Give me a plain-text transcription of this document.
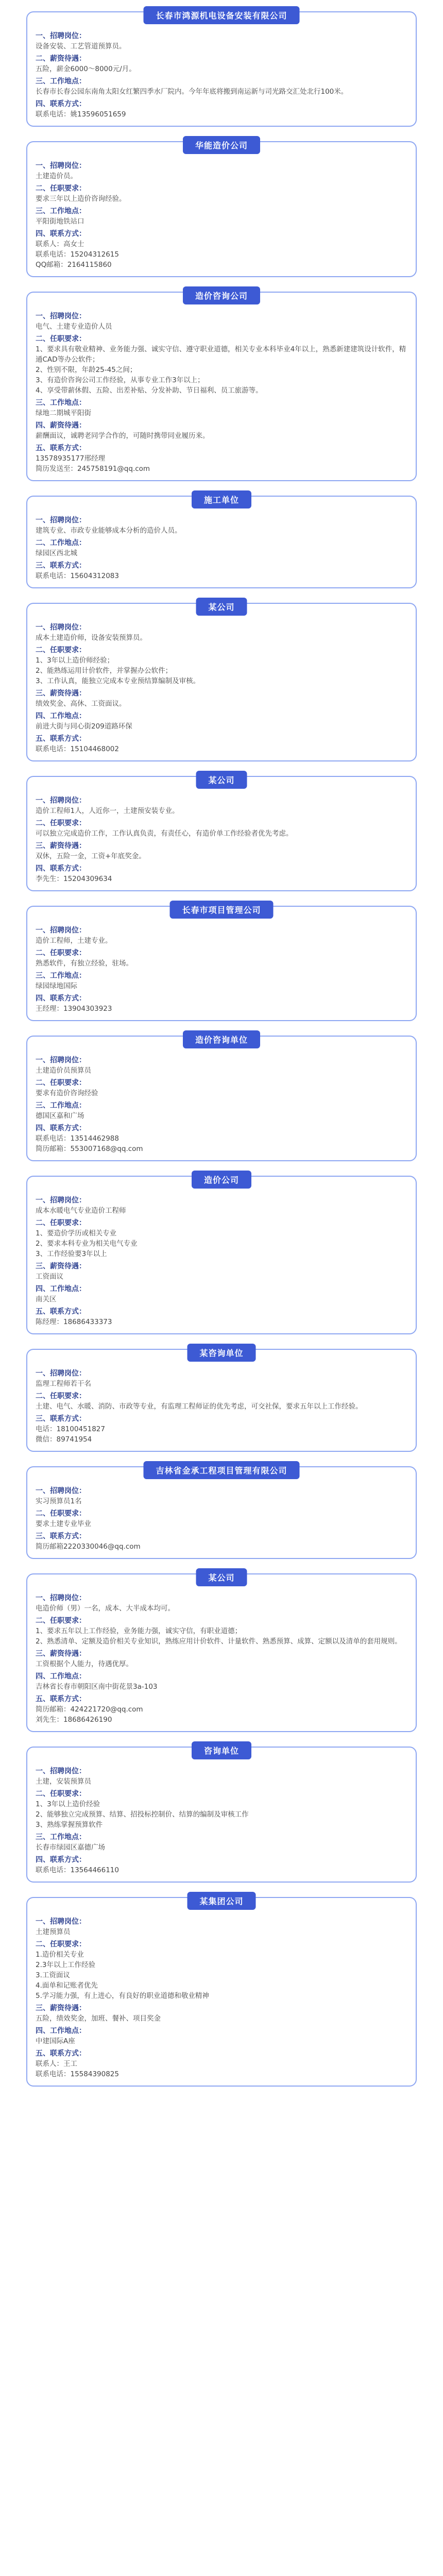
长春市鸿源机电设备安装有限公司
一、招聘岗位：
设备安装、工艺管道预算员。
二、薪资待遇：
五险，薪金6000～8000元/月。
三、工作地点：
长春市长春公园东南角太阳女红繁四季水厂院内。今年年底将搬到南运新与司光路交汇处北行100米。
四、联系方式：
联系电话：姚13596051659
华能造价公司
一、招聘岗位：
土建造价员。
二、任职要求：
要求三年以上造价咨询经验。
三、工作地点：
平阳街地铁站口
四、联系方式：
联系人：高女士
联系电话：15204312615
QQ邮箱：2164115860
造价咨询公司
一、招聘岗位：
电气、土建专业造价人员
二、任职要求：
1、要求具有敬业精神、业务能力强、诚实守信、遵守职业道德，相关专业本科毕业4年以上，熟悉新建建筑设计软件，精通CAD等办公软件；
2、性别不限，年龄25-45之间；
3、有造价咨询公司工作经验，从事专业工作3年以上；
4、享受带薪休假、五险、出差补贴、分发补助、节日福利、员工旅游等。
三、工作地点：
绿地二期城平阳街
四、薪资待遇：
薪酬面议，诚聘老同学合作的，可随时携带同业履历来。
五、联系方式：
13578935177邢经理
简历发送至：245758191@qq.com
施工单位
一、招聘岗位：
建筑专业、市政专业能够成本分析的造价人员。
二、工作地点：
绿园区西北城
三、联系方式：
联系电话：15604312083
某公司
一、招聘岗位：
成本土建造价师，设备安装预算员。
二、任职要求：
1、3年以上造价师经验；
2、能熟练运用计价软件，并掌握办公软件；
3、工作认真，能独立完成本专业预结算编制及审核。
三、薪资待遇：
绩效奖金、高休、工资面议。
四、工作地点：
前进大街与同心街209道路环保
五、联系方式：
联系电话：15104468002
某公司
一、招聘岗位：
造价工程师1人，人近你一，土建预安装专业。
二、任职要求：
可以独立完成造价工作，工作认真负责，有责任心，有造价单工作经验者优先考虑。
三、薪资待遇：
双休，五险一金，工资+年底奖金。
四、联系方式：
李先生：15204309634
长春市项目管理公司
一、招聘岗位：
造价工程师，土建专业。
二、任职要求：
熟悉软件，有独立经验，驻场。
三、工作地点：
绿园绿地国际
四、联系方式：
王经理：13904303923
造价咨询单位
一、招聘岗位：
土建造价员预算员
二、任职要求：
要求有造价咨询经验
三、工作地点：
德国区嘉和广场
四、联系方式：
联系电话：13514462988
简历邮箱：553007168@qq.com
造价公司
一、招聘岗位：
成本水暖电气专业造价工程师
二、任职要求：
1、要造价学历或相关专业
2、要求本科专业为相关电气专业
3、工作经验要3年以上
三、薪资待遇：
工资面议
四、工作地点：
南关区
五、联系方式：
陈经理：18686433373
某咨询单位
一、招聘岗位：
监理工程师若干名
二、任职要求：
土建、电气、水暖、消防、市政等专业，有监理工程师证的优先考虑，可交社保，要求五年以上工作经验。
三、联系方式：
电话：18100451827
微信：89741954
吉林省金承工程项目管理有限公司
一、招聘岗位：
实习预算员1名
二、任职要求：
要求土建专业毕业
三、联系方式：
简历邮箱2220330046@qq.com
某公司
一、招聘岗位：
电造价师（男）一名，成本、大半成本均可。
二、任职要求：
1、要求五年以上工作经验，业务能力强，诚实守信，有职业道德；
2、熟悉清单、定额及造价相关专业知识，熟练应用计价软件、计量软件、熟悉预算、成算、定额以及清单的套用规则。
三、薪资待遇：
工资根据个人能力，待遇优厚。
四、工作地点：
吉林省长春市朝阳区南中街花景3a-103
五、联系方式：
简历邮箱：424221720@qq.com
刘先生：18686426190
咨询单位
一、招聘岗位：
土建，安装预算员
二、任职要求：
1、3年以上造价经验
2、能够独立完成预算、结算、招投标控制价、结算的编制及审核工作
3、熟练掌握预算软件
三、工作地点：
长春市绿园区嘉德广场
四、联系方式：
联系电话：13564466110
某集团公司
一、招聘岗位：
土建预算员
二、任职要求：
1.造价相关专业
2.3年以上工作经验
3.工资面议
4.面单和记账者优先
5.学习能力强，有上进心，有良好的职业道德和敬业精神
三、薪资待遇：
五险，绩效奖金，加班、餐补、项目奖金
四、工作地点：
中建国际A座
五、联系方式：
联系人：王工
联系电话：15584390825
